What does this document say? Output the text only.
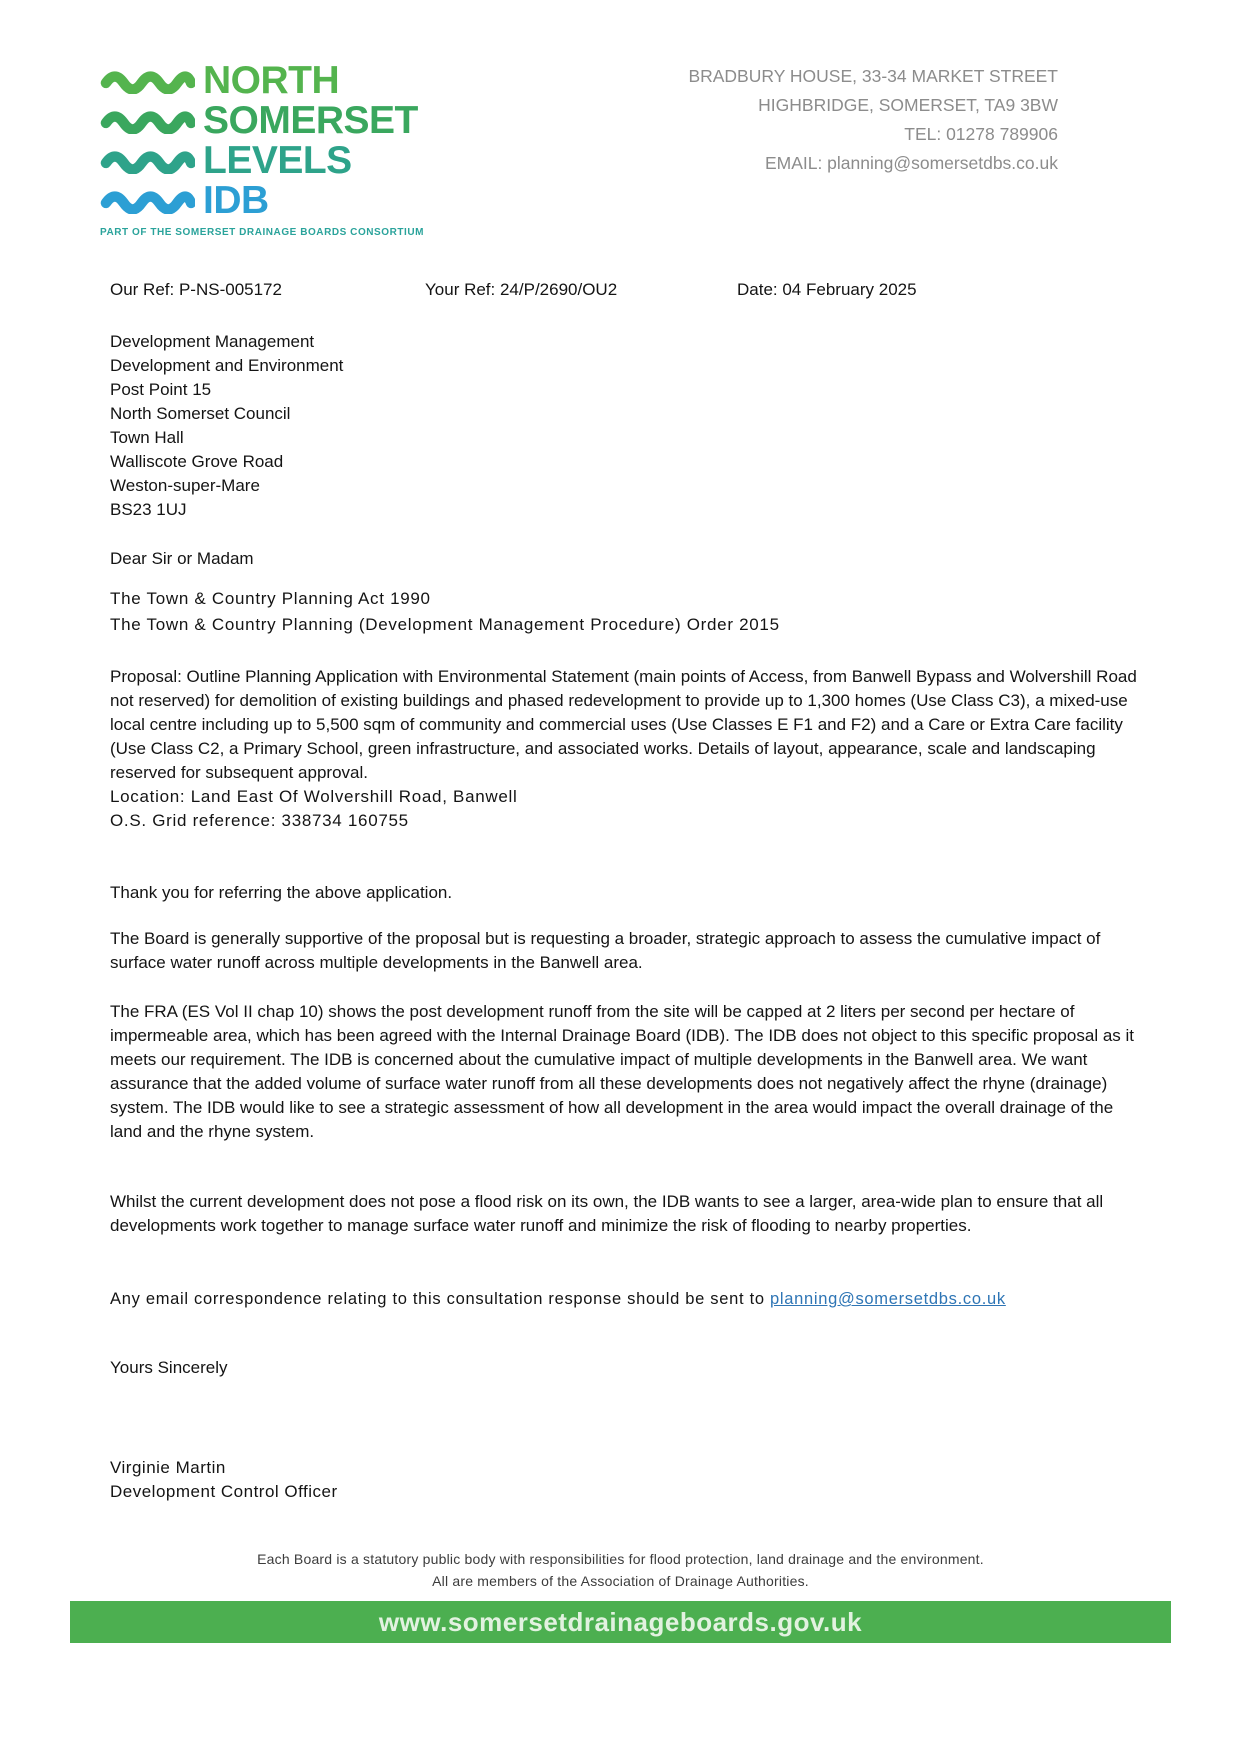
NORTH
SOMERSET
LEVELS
IDB
PART OF THE SOMERSET DRAINAGE BOARDS CONSORTIUM
BRADBURY HOUSE, 33-34 MARKET STREET
HIGHBRIDGE, SOMERSET, TA9 3BW
TEL: 01278 789906
EMAIL: planning@somersetdbs.co.uk
Our Ref: P-NS-005172	Your Ref: 24/P/2690/OU2	Date: 04 February 2025
Development Management
Development and Environment
Post Point 15
North Somerset Council
Town Hall
Walliscote Grove Road
Weston-super-Mare
BS23 1UJ
Dear Sir or Madam
The Town & Country Planning Act 1990
The Town & Country Planning (Development Management Procedure) Order 2015
Proposal: Outline Planning Application with Environmental Statement (main points of Access, from Banwell Bypass and Wolvershill Road not reserved) for demolition of existing buildings and phased redevelopment to provide up to 1,300 homes (Use Class C3), a mixed-use local centre including up to 5,500 sqm of community and commercial uses (Use Classes E F1 and F2) and a Care or Extra Care facility (Use Class C2, a Primary School, green infrastructure, and associated works. Details of layout, appearance, scale and landscaping reserved for subsequent approval.
Location: Land East Of Wolvershill Road, Banwell
O.S. Grid reference: 338734 160755
Thank you for referring the above application.
The Board is generally supportive of the proposal but is requesting a broader, strategic approach to assess the cumulative impact of surface water runoff across multiple developments in the Banwell area.
The FRA (ES Vol II chap 10) shows the post development runoff from the site will be capped at 2 liters per second per hectare of impermeable area, which has been agreed with the Internal Drainage Board (IDB). The IDB does not object to this specific proposal as it meets our requirement. The IDB is concerned about the cumulative impact of multiple developments in the Banwell area. We want assurance that the added volume of surface water runoff from all these developments does not negatively affect the rhyne (drainage) system. The IDB would like to see a strategic assessment of how all development in the area would impact the overall drainage of the land and the rhyne system.
Whilst the current development does not pose a flood risk on its own, the IDB wants to see a larger, area-wide plan to ensure that all developments work together to manage surface water runoff and minimize the risk of flooding to nearby properties.
Any email correspondence relating to this consultation response should be sent to planning@somersetdbs.co.uk
Yours Sincerely
Virginie Martin
Development Control Officer
Each Board is a statutory public body with responsibilities for flood protection, land drainage and the environment.
All are members of the Association of Drainage Authorities.
www.somersetdrainageboards.gov.uk
